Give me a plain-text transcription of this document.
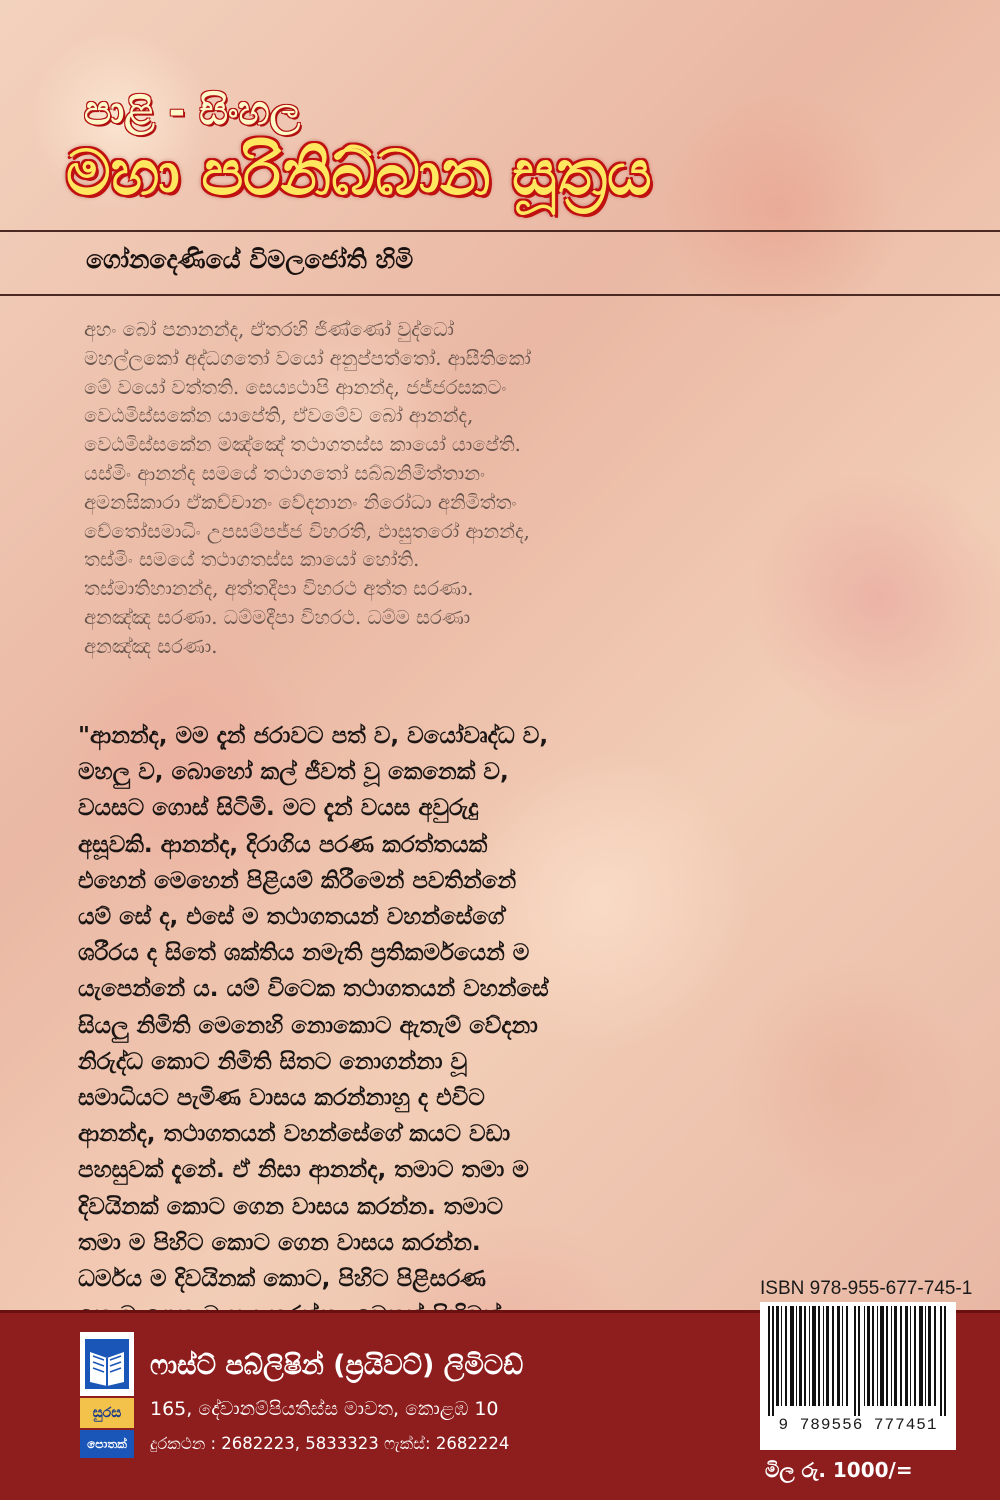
පාළි - සිංහල
මහා පරිනිබ්බාන සූත්‍රය

ගෝනදෙණියේ විමලජෝති හිමි

අහං බෝ පනානන්ද, ඒතරහි ජිණ්ණෝ වුද්ධෝ
මහල්ලකෝ අද්ධගතෝ වයෝ අනුප්පත්තෝ. ආසීතිකෝ
මේ වයෝ වත්තති. සෙය්‍යථාපි ආනන්ද, ජජ්ජරසකටං
වෙඨමිස්සකේන යාපේති, ඒවමේව බෝ ආනන්ද,
වෙඨමිස්සකේන මඤ්ඤේ තථාගතස්ස කායෝ යාපේති.
යස්මිං ආනන්ද සමයේ තථාගතෝ සබ්බනිමිත්තානං
අමනසිකාරා ඒකච්චානං වේදනානං නිරෝධා අනිමිත්තං
චේතෝසමාධිං උපසම්පජ්ජ විහරති, ඵාසුතරෝ ආනන්ද,
තස්මිං සමයේ තථාගතස්ස කායෝ හෝති.
තස්මාතිහානන්ද, අත්තදීපා විහරථ අත්ත සරණා.
අනඤ්ඤ සරණා. ධම්මදීපා විහරථ. ධම්ම සරණා
අනඤ්ඤ සරණා.
"ආනන්ද, මම දැන් ජරාවට පත් ව, වයෝවෘද්ධ ව,
මහලු ව, බොහෝ කල් ජීවත් වූ කෙනෙක් ව,
වයසට ගොස් සිටිමි. මට දැන් වයස අවුරුදු
අසූවකි. ආනන්ද, දිරාගිය පරණ කරත්තයක්
එහෙන් මෙහෙන් පිළියම් කිරීමෙන් පවතින්නේ
යම් සේ ද, එසේ ම තථාගතයන් වහන්සේගේ
ශරීරය ද සිතේ ශක්තිය නමැති ප්‍රතිකර්මයෙන් ම
යැපෙන්නේ ය. යම් විටෙක තථාගතයන් වහන්සේ
සියලු නිමිති මෙනෙහි නොකොට ඇතැම් වේදනා
නිරුද්ධ කොට නිමිති සිතට නොගන්නා වූ
සමාධියට පැමිණ වාසය කරන්නාහු ද එවිට
ආනන්ද, තථාගතයන් වහන්සේගේ කයට වඩා
පහසුවක් දැනේ. ඒ නිසා ආනන්ද, තමාට තමා ම
දිවයිනක් කොට ගෙන වාසය කරන්න. තමාට
තමා ම පිහිට කොට ගෙන වාසය කරන්න.
ධර්මය ම දිවයිනක් කොට, පිහිට පිළිසරණ
සුරස
පොතක්

ෆාස්ට් පබ්ලිෂින් (ප්‍රයිවට්) ලිමිටඩ්

165, දේවානම්පියතිස්ස මාවත, කොළඹ 10
දුරකථන : 2682223, 5833323 ෆැක්ස්: 2682224
ISBN 978-955-677-745-1
9 789556 777451
මිල රු. 1000/=
